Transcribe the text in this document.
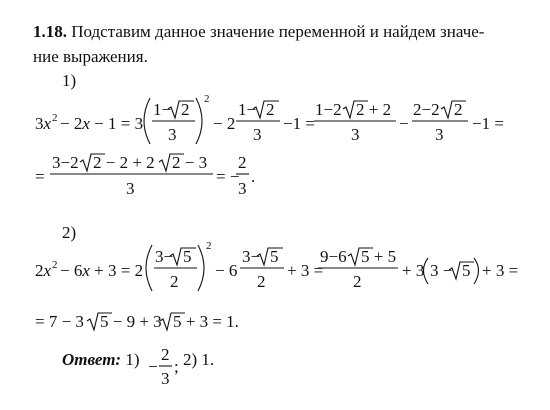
1.18. Подставим данное значение переменной и найдем значе-
ние выражения.
1)
2)
3x 2 − 2x − 1 = 3
2
1− 2
3
− 2
1− 2
3
−1 =
1−2 2 + 2
3
−
2−2 2
3
−1 =
=
3−2 2 − 2 + 2 2 − 3
3
= −
2
3
.
2x 2 − 6x + 3 = 2
2
3− 5
2
− 6
3− 5
2
+ 3 =
9−6 5 + 5
2
+ 3 3 − 5 + 3 =
= 7 − 3 5 − 9 + 3 5 + 3 = 1.
Ответ: 1) −
2
3
; 2) 1.
